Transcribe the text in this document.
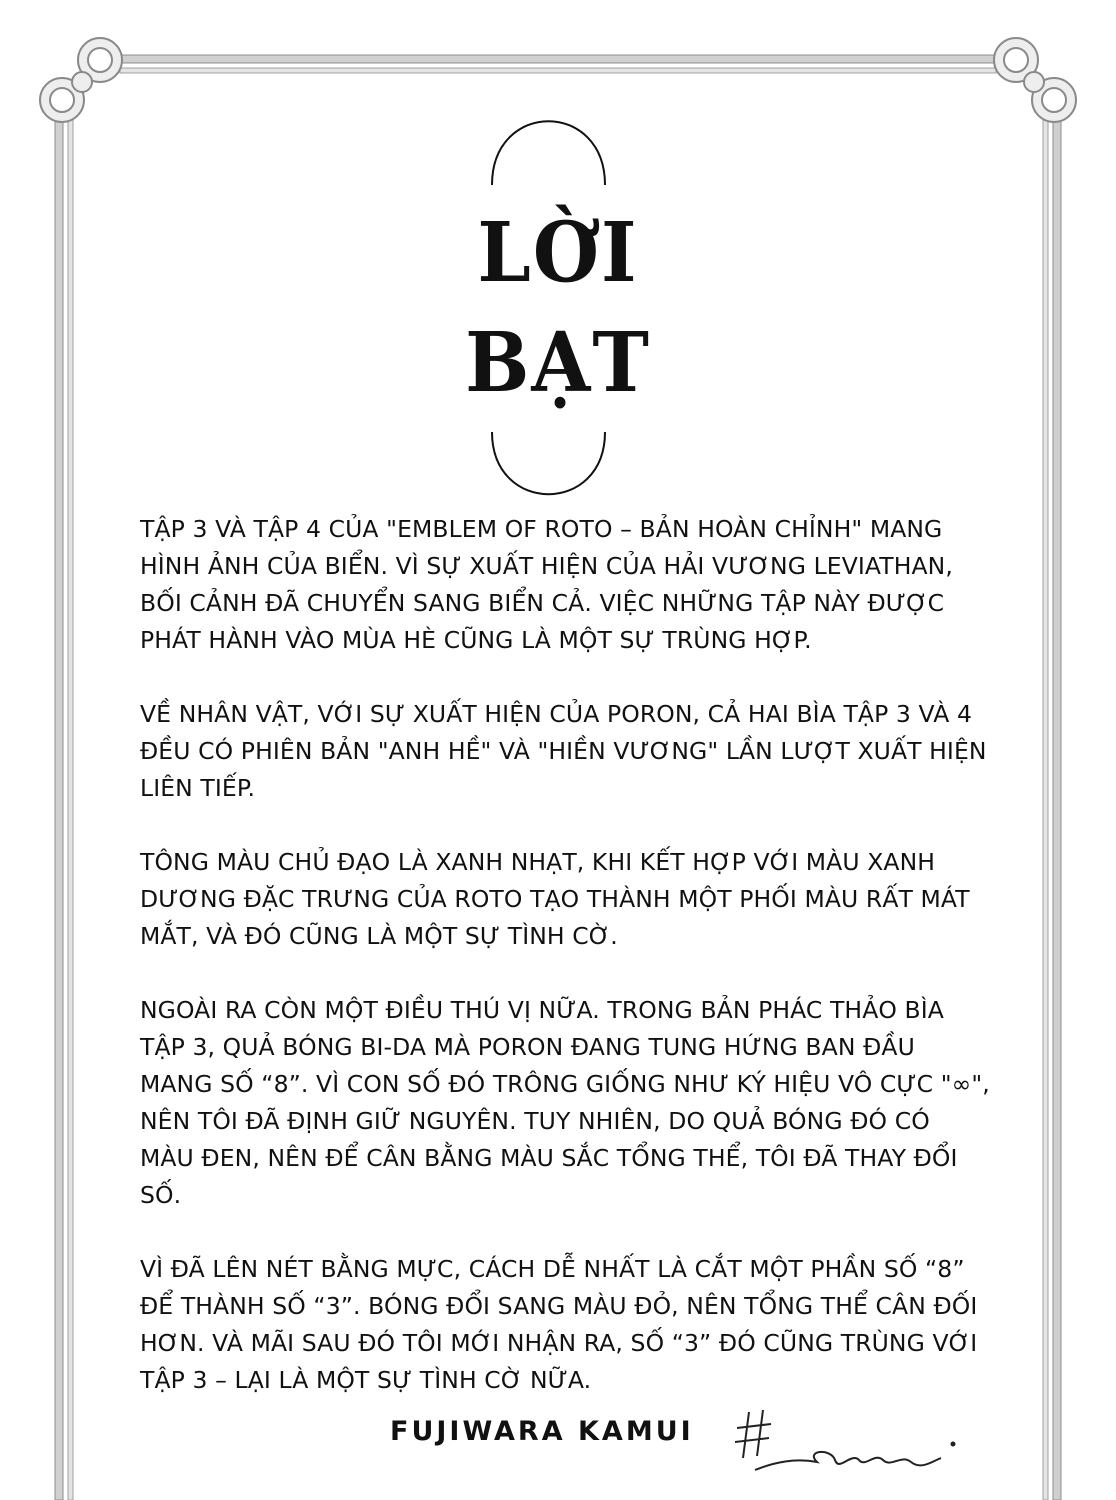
LỜI
BẠT

TẬP 3 VÀ TẬP 4 CỦA "EMBLEM OF ROTO – BẢN HOÀN CHỈNH" MANG HÌNH ẢNH CỦA BIỂN. VÌ SỰ XUẤT HIỆN CỦA HẢI VƯƠNG LEVIATHAN, BỐI CẢNH ĐÃ CHUYỂN SANG BIỂN CẢ. VIỆC NHỮNG TẬP NÀY ĐƯỢC PHÁT HÀNH VÀO MÙA HÈ CŨNG LÀ MỘT SỰ TRÙNG HỢP.

VỀ NHÂN VẬT, VỚI SỰ XUẤT HIỆN CỦA PORON, CẢ HAI BÌA TẬP 3 VÀ 4 ĐỀU CÓ PHIÊN BẢN "ANH HỀ" VÀ "HIỀN VƯƠNG" LẦN LƯỢT XUẤT HIỆN LIÊN TIẾP.

TÔNG MÀU CHỦ ĐẠO LÀ XANH NHẠT, KHI KẾT HỢP VỚI MÀU XANH DƯƠNG ĐẶC TRƯNG CỦA ROTO TẠO THÀNH MỘT PHỐI MÀU RẤT MÁT MẮT, VÀ ĐÓ CŨNG LÀ MỘT SỰ TÌNH CỜ.

NGOÀI RA CÒN MỘT ĐIỀU THÚ VỊ NỮA. TRONG BẢN PHÁC THẢO BÌA TẬP 3, QUẢ BÓNG BI-DA MÀ PORON ĐANG TUNG HỨNG BAN ĐẦU MANG SỐ “8”. VÌ CON SỐ ĐÓ TRÔNG GIỐNG NHƯ KÝ HIỆU VÔ CỰC "∞", NÊN TÔI ĐÃ ĐỊNH GIỮ NGUYÊN. TUY NHIÊN, DO QUẢ BÓNG ĐÓ CÓ MÀU ĐEN, NÊN ĐỂ CÂN BẰNG MÀU SẮC TỔNG THỂ, TÔI ĐÃ THAY ĐỔI SỐ.

VÌ ĐÃ LÊN NÉT BẰNG MỰC, CÁCH DỄ NHẤT LÀ CẮT MỘT PHẦN SỐ “8” ĐỂ THÀNH SỐ “3”. BÓNG ĐỔI SANG MÀU ĐỎ, NÊN TỔNG THỂ CÂN ĐỐI HƠN. VÀ MÃI SAU ĐÓ TÔI MỚI NHẬN RA, SỐ “3” ĐÓ CŨNG TRÙNG VỚI TẬP 3 – LẠI LÀ MỘT SỰ TÌNH CỜ NỮA.

FUJIWARA KAMUI
